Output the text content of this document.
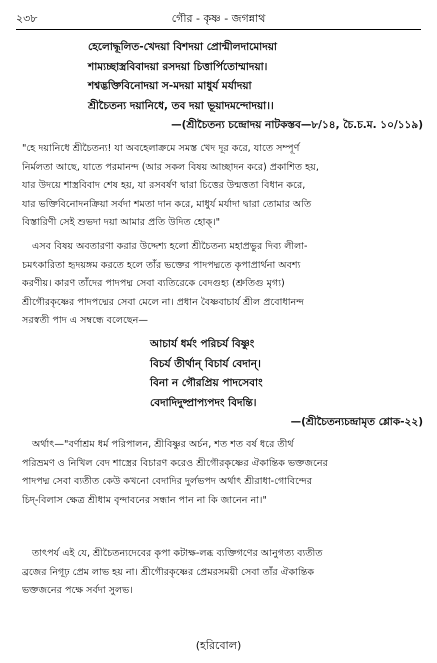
২৩৮	গৌর - কৃষ্ণ - জগন্নাথ
হেলোদ্ধূলিত-খেদয়া বিশদয়া প্রোন্মীলদামোদয়া
শাম্যচ্ছাস্ত্রবিবাদয়া রসদয়া চিত্তার্পিতোম্মাদয়া।
শশ্বদ্ভক্তিবিনোদয়া স-মদয়া মাধুর্য মর্যাদয়া
শ্রীচৈতন্য দয়ানিধে, তব দয়া ভূয়াদমন্দোদয়া।।
—(শ্রীচৈতন্য চন্দ্রোদয় নাটকস্তব—৮/১৪, চৈ.চ.ম. ১০/১১৯)
"হে দয়ানিধে শ্রীচৈতন্য! যা অবহেলাক্রমে সমস্ত খেদ দূর করে, যাতে সম্পূর্ণ
নির্মলতা আছে, যাতে পরমানন্দ (আর সকল বিষয় আচ্ছাদন করে) প্রকাশিত হয়,
যার উদয়ে শাস্ত্রবিবাদ শেষ হয়, যা রসবর্ষণ দ্বারা চিত্তের উন্মত্ততা বিধান করে,
যার ভক্তিবিনোদনক্রিয়া সর্বদা শমতা দান করে, মাধুর্য মর্যাদা দ্বারা তোমার অতি
বিস্তারিণী সেই শুভদা দয়া আমার প্রতি উদিত হোক্।"
এসব বিষয় অবতারণা করার উদ্দেশ্য হলো শ্রীচৈতন্য মহাপ্রভুর দিব্য লীলা-
চমৎকারিতা হৃদয়ঙ্গম করতে হলে তাঁর ভক্তের পাদপদ্মতে কৃপাপ্রার্থনা অবশ্য
করণীয়। কারণ তাঁদের পাদপদ্ম সেবা ব্যতিরেকে বেদগুহ্য (শ্রুতিগু মৃগ্য)
শ্রীগৌরকৃষ্ণের পাদপদ্মের সেবা মেলে না। প্রধান বৈষ্ণবাচার্য শ্রীল প্রবোধানন্দ
সরস্বতী পাদ এ সম্বন্ধে বলেছেন—
আচার্য ধর্মং পরিচর্য বিষ্ণুং
বিচর্য তীর্থান্ বিচার্য বেদান্।
বিনা ন গৌরপ্রিয় পাদসেবাং
বেদাদিদুষ্প্রাপ্যপদং বিদন্তি।
—(শ্রীচৈতন্যচন্দ্রামৃত শ্লোক-২২)
অর্থাৎ—"বর্ণাশ্রম ধর্ম পরিপালন, শ্রীবিষ্ণুর অর্চন, শত শত বর্ষ ধরে তীর্থ
পরিভ্রমণ ও নিখিল বেদ শাস্ত্রের বিচারণ করেও শ্রীগৌরকৃষ্ণের ঐকান্তিক ভক্তজনের
পাদপদ্ম সেবা ব্যতীত কেউ কখনো বেদাদির দুর্লভপদ অর্থাৎ শ্রীরাধা-গোবিন্দের
চিদ্-বিলাস ক্ষেত্র শ্রীধাম বৃন্দাবনের সন্ধান পান না কি জানেন না।"
তাৎপর্য এই যে, শ্রীচৈতন্যদেবের কৃপা কটাক্ষ-লব্ধ ব্যক্তিগণের আনুগত্য ব্যতীত
ব্রজের নিগূঢ় প্রেম লাভ হয় না। শ্রীগৌরকৃষ্ণের প্রেমরসময়ী সেবা তাঁর ঐকান্তিক
ভক্তজনের পক্ষে সর্বদা সুলভ।
(হরিবোল)
